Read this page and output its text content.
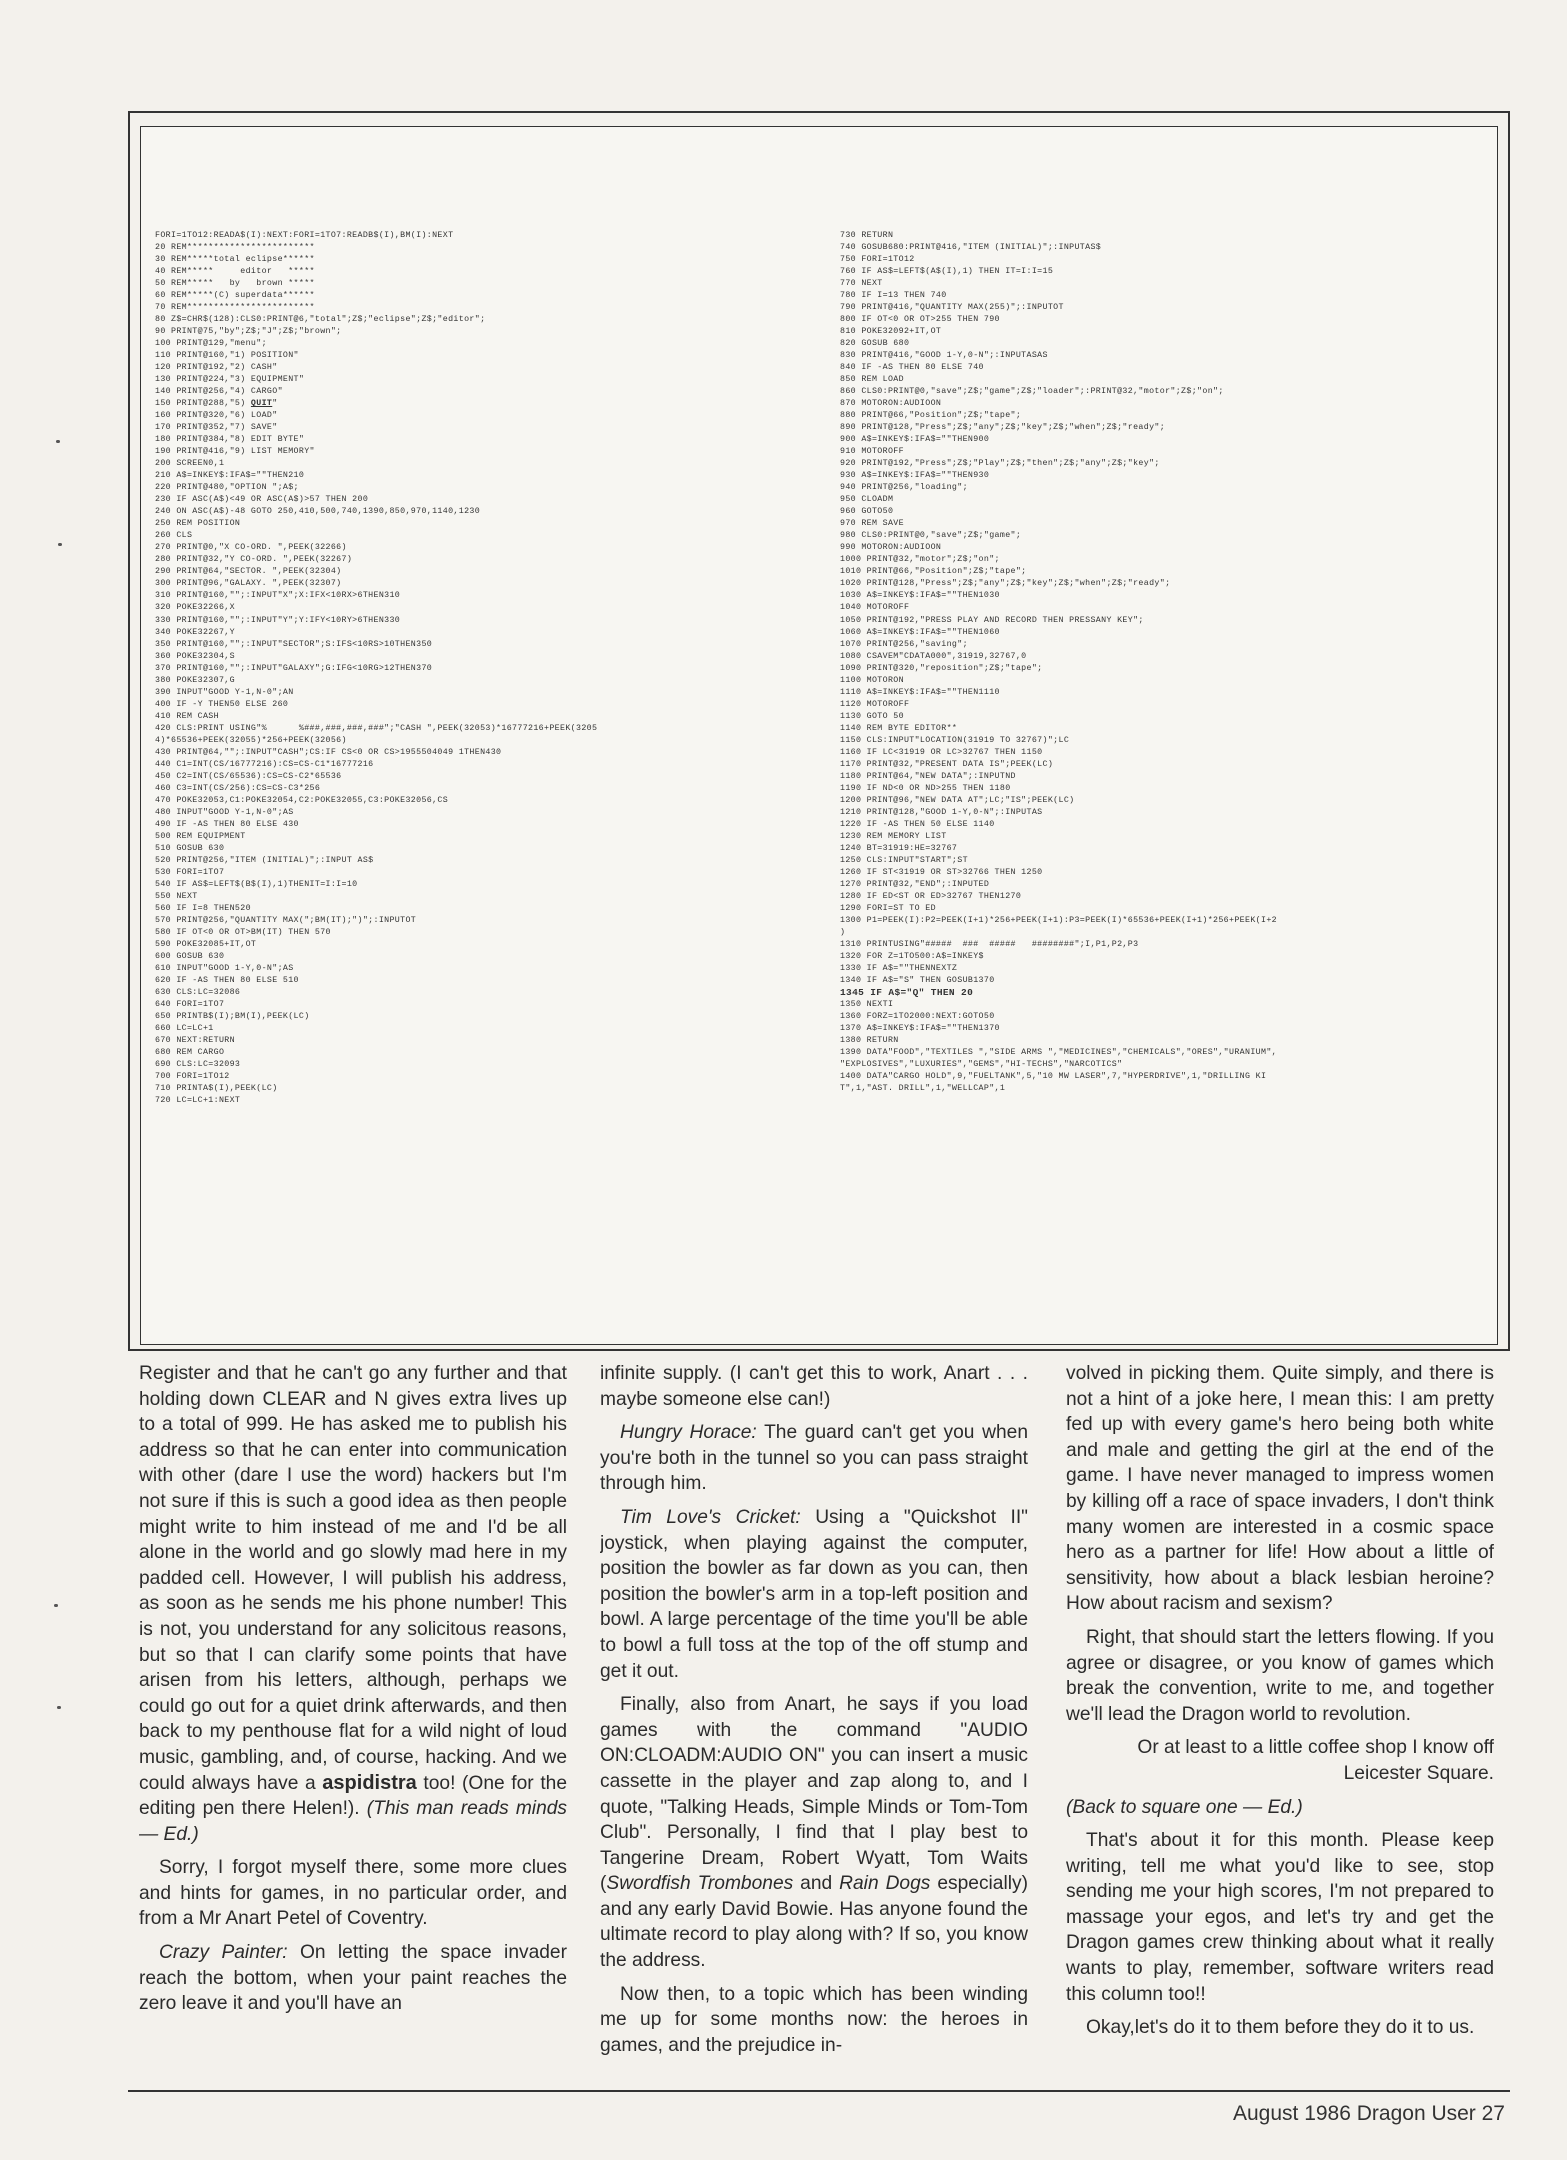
FORI=1TO12:READA$(I):NEXT:FORI=1TO7:READB$(I),BM(I):NEXT
20 REM************************
30 REM*****total eclipse******
40 REM*****     editor   *****
50 REM*****   by   brown *****
60 REM*****(C) superdata******
70 REM************************
80 Z$=CHR$(128):CLS0:PRINT@6,"total";Z$;"eclipse";Z$;"editor";
90 PRINT@75,"by";Z$;"J";Z$;"brown";
100 PRINT@129,"menu";
110 PRINT@160,"1) POSITION"
120 PRINT@192,"2) CASH"
130 PRINT@224,"3) EQUIPMENT"
140 PRINT@256,"4) CARGO"
150 PRINT@288,"5) QUIT"
160 PRINT@320,"6) LOAD"
170 PRINT@352,"7) SAVE"
180 PRINT@384,"8) EDIT BYTE"
190 PRINT@416,"9) LIST MEMORY"
200 SCREEN0,1
210 A$=INKEY$:IFA$=""THEN210
220 PRINT@480,"OPTION ";A$;
230 IF ASC(A$)<49 OR ASC(A$)>57 THEN 200
240 ON ASC(A$)-48 GOTO 250,410,500,740,1390,850,970,1140,1230
250 REM POSITION
260 CLS
270 PRINT@0,"X CO-ORD. ",PEEK(32266)
280 PRINT@32,"Y CO-ORD. ",PEEK(32267)
290 PRINT@64,"SECTOR. ",PEEK(32304)
300 PRINT@96,"GALAXY. ",PEEK(32307)
310 PRINT@160,"";:INPUT"X";X:IFX<10RX>6THEN310
320 POKE32266,X
330 PRINT@160,"";:INPUT"Y";Y:IFY<10RY>6THEN330
340 POKE32267,Y
350 PRINT@160,"";:INPUT"SECTOR";S:IFS<10RS>10THEN350
360 POKE32304,S
370 PRINT@160,"";:INPUT"GALAXY";G:IFG<10RG>12THEN370
380 POKE32307,G
390 INPUT"GOOD Y-1,N-0";AN
400 IF -Y THEN50 ELSE 260
410 REM CASH
420 CLS:PRINT USING"%      %###,###,###,###";"CASH ",PEEK(32053)*16777216+PEEK(3205
4)*65536+PEEK(32055)*256+PEEK(32056)
430 PRINT@64,"";:INPUT"CASH";CS:IF CS<0 OR CS>1955504049 1THEN430
440 C1=INT(CS/16777216):CS=CS-C1*16777216
450 C2=INT(CS/65536):CS=CS-C2*65536
460 C3=INT(CS/256):CS=CS-C3*256
470 POKE32053,C1:POKE32054,C2:POKE32055,C3:POKE32056,CS
480 INPUT"GOOD Y-1,N-0";AS
490 IF -AS THEN 80 ELSE 430
500 REM EQUIPMENT
510 GOSUB 630
520 PRINT@256,"ITEM (INITIAL)";:INPUT AS$
530 FORI=1TO7
540 IF AS$=LEFT$(B$(I),1)THENIT=I:I=10
550 NEXT
560 IF I=8 THEN520
570 PRINT@256,"QUANTITY MAX(";BM(IT);")";:INPUTOT
580 IF OT<0 OR OT>BM(IT) THEN 570
590 POKE32085+IT,OT
600 GOSUB 630
610 INPUT"GOOD 1-Y,0-N";AS
620 IF -AS THEN 80 ELSE 510
630 CLS:LC=32086
640 FORI=1TO7
650 PRINTB$(I);BM(I),PEEK(LC)
660 LC=LC+1
670 NEXT:RETURN
680 REM CARGO
690 CLS:LC=32093
700 FORI=1TO12
710 PRINTA$(I),PEEK(LC)
720 LC=LC+1:NEXT
730 RETURN
740 GOSUB680:PRINT@416,"ITEM (INITIAL)";:INPUTAS$
750 FORI=1TO12
760 IF AS$=LEFT$(A$(I),1) THEN IT=I:I=15
770 NEXT
780 IF I=13 THEN 740
790 PRINT@416,"QUANTITY MAX(255)";:INPUTOT
800 IF OT<0 OR OT>255 THEN 790
810 POKE32092+IT,OT
820 GOSUB 680
830 PRINT@416,"GOOD 1-Y,0-N";:INPUTASAS
840 IF -AS THEN 80 ELSE 740
850 REM LOAD
860 CLS0:PRINT@0,"save";Z$;"game";Z$;"loader";:PRINT@32,"motor";Z$;"on";
870 MOTORON:AUDIOON
880 PRINT@66,"Position";Z$;"tape";
890 PRINT@128,"Press";Z$;"any";Z$;"key";Z$;"when";Z$;"ready";
900 A$=INKEY$:IFA$=""THEN900
910 MOTOROFF
920 PRINT@192,"Press";Z$;"Play";Z$;"then";Z$;"any";Z$;"key";
930 A$=INKEY$:IFA$=""THEN930
940 PRINT@256,"loading";
950 CLOADM
960 GOTO50
970 REM SAVE
980 CLS0:PRINT@0,"save";Z$;"game";
990 MOTORON:AUDIOON
1000 PRINT@32,"motor";Z$;"on";
1010 PRINT@66,"Position";Z$;"tape";
1020 PRINT@128,"Press";Z$;"any";Z$;"key";Z$;"when";Z$;"ready";
1030 A$=INKEY$:IFA$=""THEN1030
1040 MOTOROFF
1050 PRINT@192,"PRESS PLAY AND RECORD THEN PRESSANY KEY";
1060 A$=INKEY$:IFA$=""THEN1060
1070 PRINT@256,"saving";
1080 CSAVEM"CDATA000",31919,32767,0
1090 PRINT@320,"reposition";Z$;"tape";
1100 MOTORON
1110 A$=INKEY$:IFA$=""THEN1110
1120 MOTOROFF
1130 GOTO 50
1140 REM BYTE EDITOR**
1150 CLS:INPUT"LOCATION(31919 TO 32767)";LC
1160 IF LC<31919 OR LC>32767 THEN 1150
1170 PRINT@32,"PRESENT DATA IS";PEEK(LC)
1180 PRINT@64,"NEW DATA";:INPUTND
1190 IF ND<0 OR ND>255 THEN 1180
1200 PRINT@96,"NEW DATA AT";LC;"IS";PEEK(LC)
1210 PRINT@128,"GOOD 1-Y,0-N";:INPUTAS
1220 IF -AS THEN 50 ELSE 1140
1230 REM MEMORY LIST
1240 BT=31919:HE=32767
1250 CLS:INPUT"START";ST
1260 IF ST<31919 OR ST>32766 THEN 1250
1270 PRINT@32,"END";:INPUTED
1280 IF ED<ST OR ED>32767 THEN1270
1290 FORI=ST TO ED
1300 P1=PEEK(I):P2=PEEK(I+1)*256+PEEK(I+1):P3=PEEK(I)*65536+PEEK(I+1)*256+PEEK(I+2
)
1310 PRINTUSING"#####  ###  #####   ########";I,P1,P2,P3
1320 FOR Z=1TO500:A$=INKEY$
1330 IF A$=""THENNEXTZ
1340 IF A$="S" THEN GOSUB1370
1345 IF A$="Q" THEN 20
1350 NEXTI
1360 FORZ=1TO2000:NEXT:GOTO50
1370 A$=INKEY$:IFA$=""THEN1370
1380 RETURN
1390 DATA"FOOD","TEXTILES ","SIDE ARMS ","MEDICINES","CHEMICALS","ORES","URANIUM",
"EXPLOSIVES","LUXURIES","GEMS","HI-TECHS","NARCOTICS"
1400 DATA"CARGO HOLD",9,"FUELTANK",5,"10 MW LASER",7,"HYPERDRIVE",1,"DRILLING KI
T",1,"AST. DRILL",1,"WELLCAP",1

Register and that he can't go any further and that holding down CLEAR and N gives extra lives up to a total of 999. He has asked me to publish his address so that he can enter into communication with other (dare I use the word) hackers but I'm not sure if this is such a good idea as then people might write to him instead of me and I'd be all alone in the world and go slowly mad here in my padded cell. However, I will publish his address, as soon as he sends me his phone number! This is not, you understand for any solicitous reasons, but so that I can clarify some points that have arisen from his letters, although, perhaps we could go out for a quiet drink afterwards, and then back to my penthouse flat for a wild night of loud music, gambling, and, of course, hacking. And we could always have a aspidistra too! (One for the editing pen there Helen!). (This man reads minds — Ed.)

Sorry, I forgot myself there, some more clues and hints for games, in no particular order, and from a Mr Anart Petel of Coventry.

Crazy Painter: On letting the space invader reach the bottom, when your paint reaches the zero leave it and you'll have an

infinite supply. (I can't get this to work, Anart . . . maybe someone else can!)

Hungry Horace: The guard can't get you when you're both in the tunnel so you can pass straight through him.

Tim Love's Cricket: Using a "Quickshot II" joystick, when playing against the computer, position the bowler as far down as you can, then position the bowler's arm in a top-left position and bowl. A large percentage of the time you'll be able to bowl a full toss at the top of the off stump and get it out.

Finally, also from Anart, he says if you load games with the command "AUDIO ON:CLOADM:AUDIO ON" you can insert a music cassette in the player and zap along to, and I quote, "Talking Heads, Simple Minds or Tom-Tom Club". Personally, I find that I play best to Tangerine Dream, Robert Wyatt, Tom Waits (Swordfish Trombones and Rain Dogs especially) and any early David Bowie. Has anyone found the ultimate record to play along with? If so, you know the address.

Now then, to a topic which has been winding me up for some months now: the heroes in games, and the prejudice in-

volved in picking them. Quite simply, and there is not a hint of a joke here, I mean this: I am pretty fed up with every game's hero being both white and male and getting the girl at the end of the game. I have never managed to impress women by killing off a race of space invaders, I don't think many women are interested in a cosmic space hero as a partner for life! How about a little of sensitivity, how about a black lesbian heroine? How about racism and sexism?

Right, that should start the letters flowing. If you agree or disagree, or you know of games which break the convention, write to me, and together we'll lead the Dragon world to revolution.

Or at least to a little coffee shop I know off Leicester Square.

(Back to square one — Ed.)

That's about it for this month. Please keep writing, tell me what you'd like to see, stop sending me your high scores, I'm not prepared to massage your egos, and let's try and get the Dragon games crew thinking about what it really wants to play, remember, software writers read this column too!!

Okay,let's do it to them before they do it to us.

August 1986 Dragon User 27
